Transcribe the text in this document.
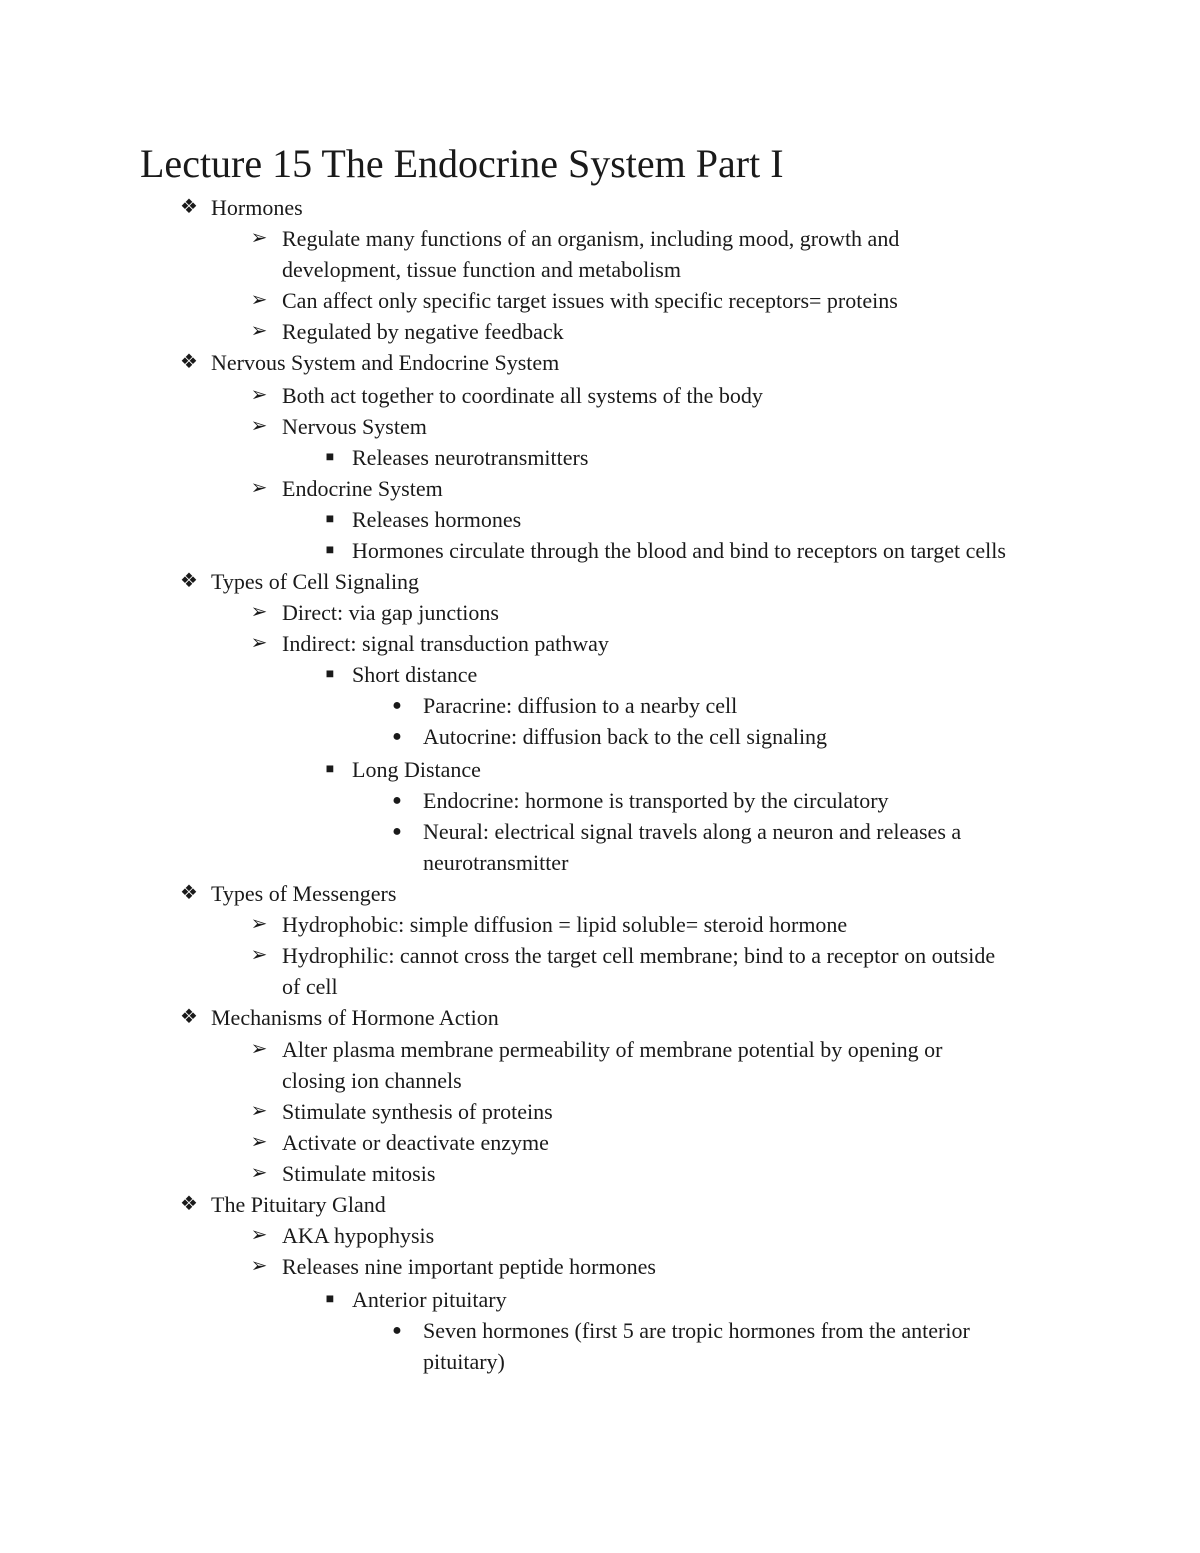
Lecture 15 The Endocrine System Part I
❖ Hormones
➢ Regulate many functions of an organism, including mood, growth and
development, tissue function and metabolism
➢ Can affect only specific target issues with specific receptors= proteins
➢ Regulated by negative feedback
❖ Nervous System and Endocrine System
➢ Both act together to coordinate all systems of the body
➢ Nervous System
■ Releases neurotransmitters
➢ Endocrine System
■ Releases hormones
■ Hormones circulate through the blood and bind to receptors on target cells
❖ Types of Cell Signaling
➢ Direct: via gap junctions
➢ Indirect: signal transduction pathway
■ Short distance
● Paracrine: diffusion to a nearby cell
● Autocrine: diffusion back to the cell signaling
■ Long Distance
● Endocrine: hormone is transported by the circulatory
● Neural: electrical signal travels along a neuron and releases a
neurotransmitter
❖ Types of Messengers
➢ Hydrophobic: simple diffusion = lipid soluble= steroid hormone
➢ Hydrophilic: cannot cross the target cell membrane; bind to a receptor on outside
of cell
❖ Mechanisms of Hormone Action
➢ Alter plasma membrane permeability of membrane potential by opening or
closing ion channels
➢ Stimulate synthesis of proteins
➢ Activate or deactivate enzyme
➢ Stimulate mitosis
❖ The Pituitary Gland
➢ AKA hypophysis
➢ Releases nine important peptide hormones
■ Anterior pituitary
● Seven hormones (first 5 are tropic hormones from the anterior
pituitary)
